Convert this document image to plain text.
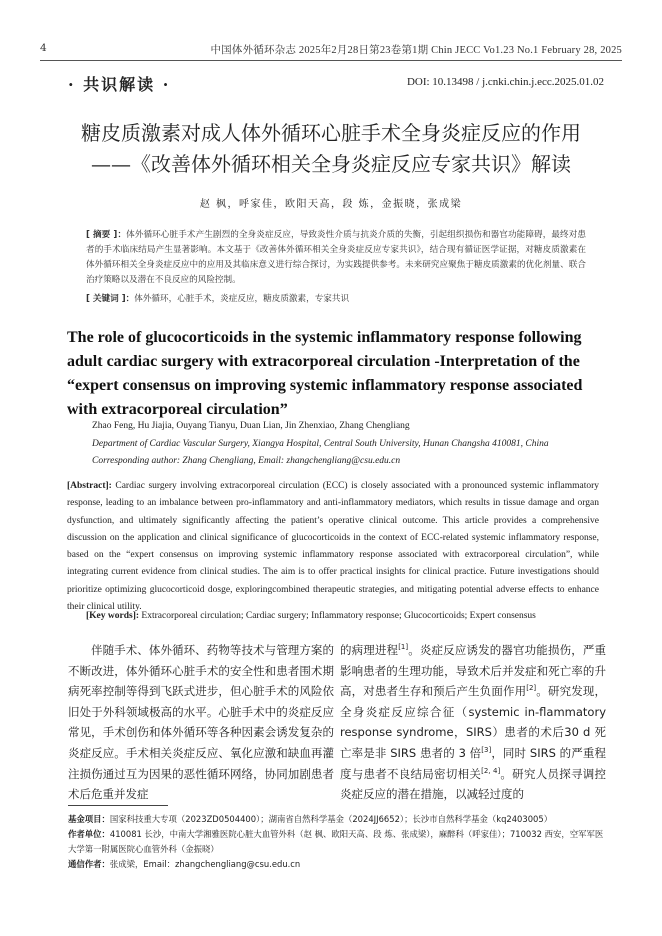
4	中国体外循环杂志 2025年2月28日第23卷第1期 Chin JECC Vo1.23 No.1 February 28, 2025
· 共识解读 ·	DOI: 10.13498 / j.cnki.chin.j.ecc.2025.01.02
糖皮质激素对成人体外循环心脏手术全身炎症反应的作用
——《改善体外循环相关全身炎症反应专家共识》解读
赵 枫，呼家佳，欧阳天高，段 炼，金振晓，张成梁
[ 摘要 ]：体外循环心脏手术产生剧烈的全身炎症反应，导致炎性介质与抗炎介质的失衡，引起组织损伤和器官功能障碍，最终对患者的手术临床结局产生显著影响。本文基于《改善体外循环相关全身炎症反应专家共识》，结合现有循证医学证据，对糖皮质激素在体外循环相关全身炎症反应中的应用及其临床意义进行综合探讨，为实践提供参考。未来研究应聚焦于糖皮质激素的优化剂量、联合治疗策略以及潜在不良反应的风险控制。
[ 关键词 ]：体外循环，心脏手术，炎症反应，糖皮质激素，专家共识
The role of glucocorticoids in the systemic inflammatory response following adult cardiac surgery with extracorporeal circulation -Interpretation of the “expert consensus on improving systemic inflammatory response associated with extracorporeal circulation”
Zhao Feng, Hu Jiajia, Ouyang Tianyu, Duan Lian, Jin Zhenxiao, Zhang Chengliang
Department of Cardiac Vascular Surgery, Xiangya Hospital, Central South University, Hunan Changsha 410081, China
Corresponding author: Zhang Chengliang, Email: zhangchengliang@csu.edu.cn
[Abstract]: Cardiac surgery involving extracorporeal circulation (ECC) is closely associated with a pronounced systemic inflammatory response, leading to an imbalance between pro-inflammatory and anti-inflammatory mediators, which results in tissue damage and organ dysfunction, and ultimately significantly affecting the patient’s operative clinical outcome. This article provides a comprehensive discussion on the application and clinical significance of glucocorticoids in the context of ECC-related systemic inflammatory response, based on the “expert consensus on improving systemic inflammatory response associated with extracorporeal circulation”, while integrating current evidence from clinical studies. The aim is to offer practical insights for clinical practice. Future investigations should prioritize optimizing glucocorticoid dosge, exploringcombined therapeutic strategies, and mitigating potential adverse effects to enhance their clinical utility.
[Key words]: Extracorporeal circulation; Cardiac surgery; Inflammatory response; Glucocorticoids; Expert consensus
伴随手术、体外循环、药物等技术与管理方案的不断改进，体外循环心脏手术的安全性和患者围术期病死率控制等得到飞跃式进步，但心脏手术的风险依旧处于外科领域极高的水平。心脏手术中的炎症反应常见，手术创伤和体外循环等各种因素会诱发复杂的炎症反应。手术相关炎症反应、氧化应激和缺血再灌注损伤通过互为因果的恶性循环网络，协同加剧患者术后危重并发症
的病理进程[1]。炎症反应诱发的器官功能损伤，严重影响患者的生理功能，导致术后并发症和死亡率的升高，对患者生存和预后产生负面作用[2]。研究发现，全身炎症反应综合征（systemic in-flammatory response syndrome，SIRS）患者的术后30 d 死亡率是非 SIRS 患者的 3 倍[3]，同时 SIRS 的严重程度与患者不良结局密切相关[2, 4]。研究人员探寻调控炎症反应的潜在措施，以减轻过度的
基金项目：国家科技重大专项（2023ZD0504400）；湖南省自然科学基金（2024JJ6652）；长沙市自然科学基金（kq2403005）
作者单位：410081 长沙，中南大学湘雅医院心脏大血管外科（赵 枫、欧阳天高、段 炼、张成梁），麻醉科（呼家佳）；710032 西安，空军军医大学第一附属医院心血管外科（金振晓）
通信作者：张成梁，Email：zhangchengliang@csu.edu.cn
